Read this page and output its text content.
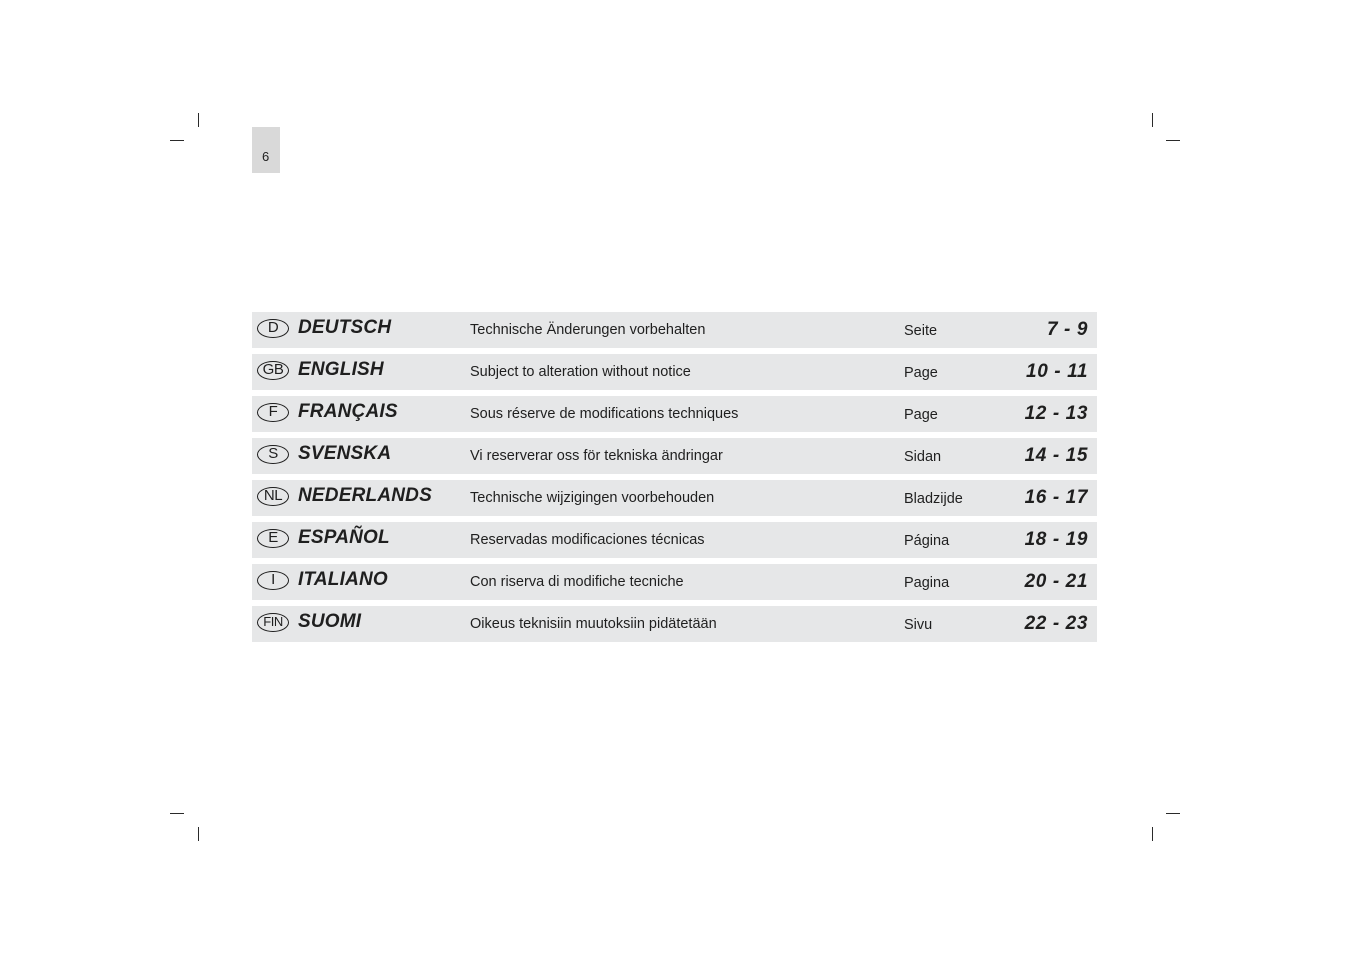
6
D	DEUTSCH	Technische Änderungen vorbehalten	Seite	7 - 9
GB ENGLISH	Subject to alteration without notice	Page	10 - 11
F	FRANÇAIS	Sous réserve de modifications techniques	Page	12 - 13
S	SVENSKA	Vi reserverar oss för tekniska ändringar	Sidan	14 - 15
NL NEDERLANDS	Technische wijzigingen voorbehouden	Bladzijde	16 - 17
E	ESPAÑOL	Reservadas modificaciones técnicas	Página	18 - 19
I	ITALIANO	Con riserva di modifiche tecniche	Pagina	20 - 21
FIN SUOMI	Oikeus teknisiin muutoksiin pidätetään	Sivu	22 - 23
